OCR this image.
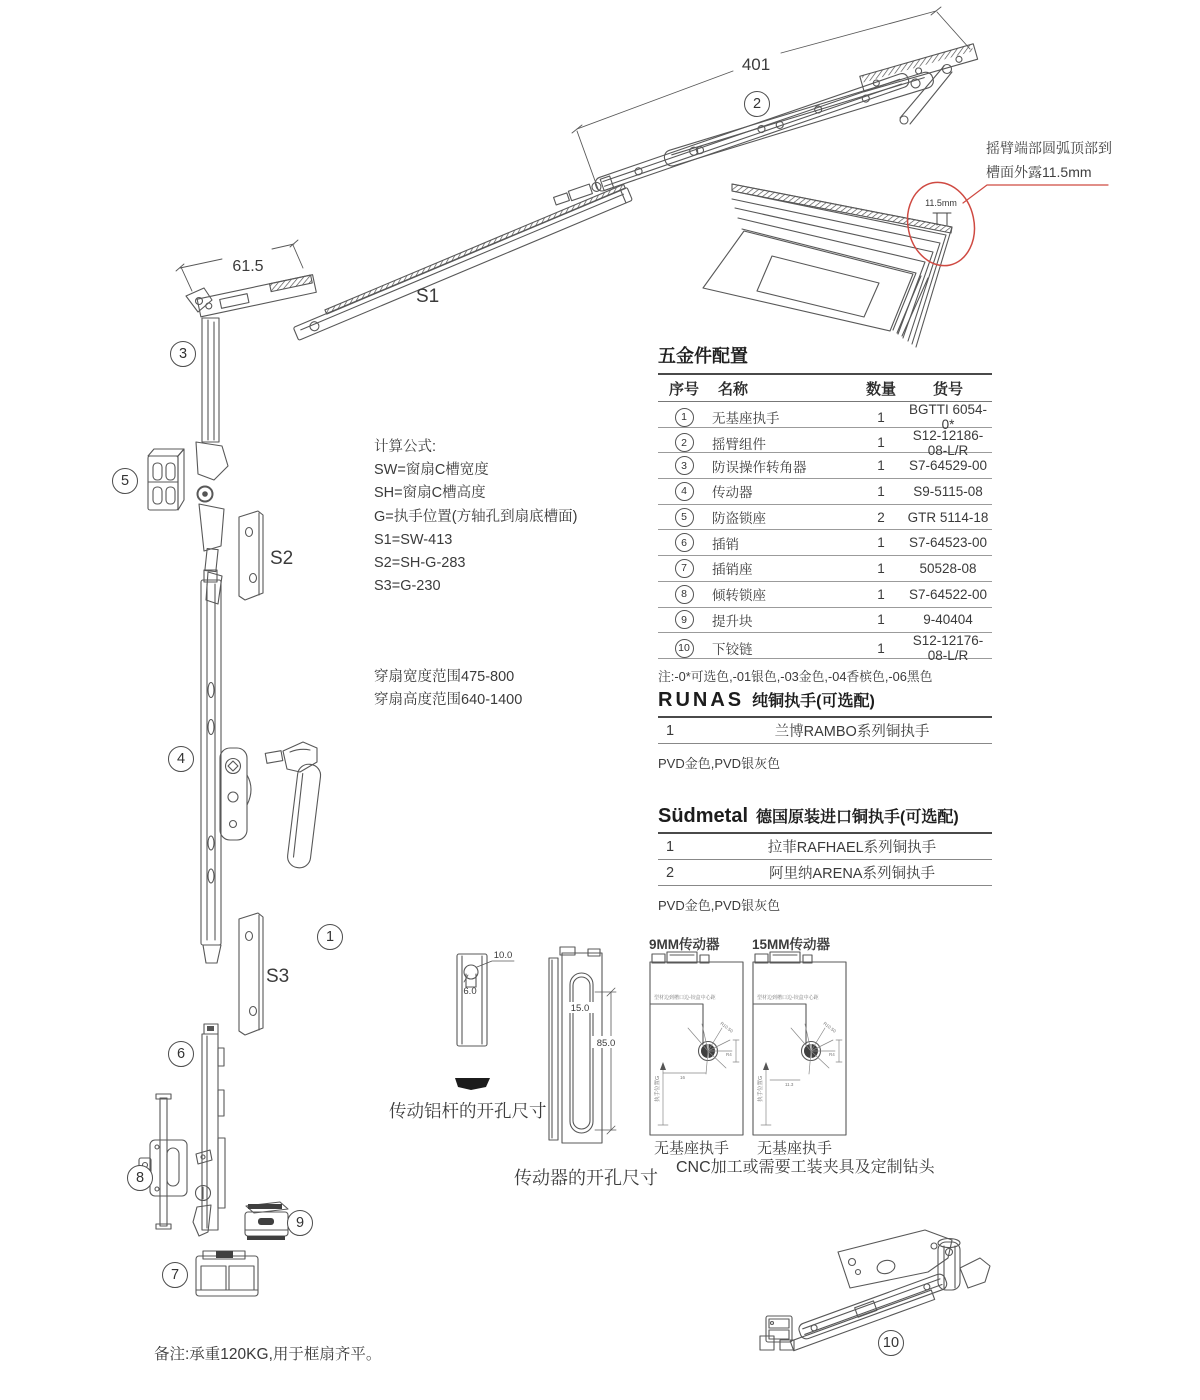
11.5mm
10.0
6.0
15.0
85.0
型材边到槽口边-铰盒中心距
R10.50
R4
16
执手位置G
型材边到槽口边-铰盒中心距
R10.50
R4
11.3
执手位置G
401
61.5
S1
S2
S3
摇臂端部圆弧顶部到
槽面外露11.5mm
计算公式:
SW=窗扇C槽宽度
SH=窗扇C槽高度
G=执手位置(方轴孔到扇底槽面)
S1=SW-413
S2=SH-G-283
S3=G-230
穿扇宽度范围475-800
穿扇高度范围640-1400
五金件配置
序号	名称	数量	货号
1	无基座执手	1	BGTTI 6054-0*
2	摇臂组件	1	S12-12186-08-L/R
3	防误操作转角器	1	S7-64529-00
4	传动器	1	S9-5115-08
5	防盗锁座	2	GTR 5114-18
6	插销	1	S7-64523-00
7	插销座	1	50528-08
8	倾转锁座	1	S7-64522-00
9	提升块	1	9-40404
10	下铰链	1	S12-12176-08-L/R
注:-0*可选色,-01银色,-03金色,-04香槟色,-06黑色
RUNAS 纯铜执手(可选配)
1	兰博RAMBO系列铜执手
PVD金色,PVD银灰色
Südmetal 德国原装进口铜执手(可选配)
1	拉菲RAFHAEL系列铜执手
2	阿里纳ARENA系列铜执手
PVD金色,PVD银灰色
传动铝杆的开孔尺寸
传动器的开孔尺寸
9MM传动器 15MM传动器
无基座执手 无基座执手
CNC加工或需要工装夹具及定制钻头
备注:承重120KG,用于框扇齐平。
1
2
3
4
5
6
7
8
9
10
